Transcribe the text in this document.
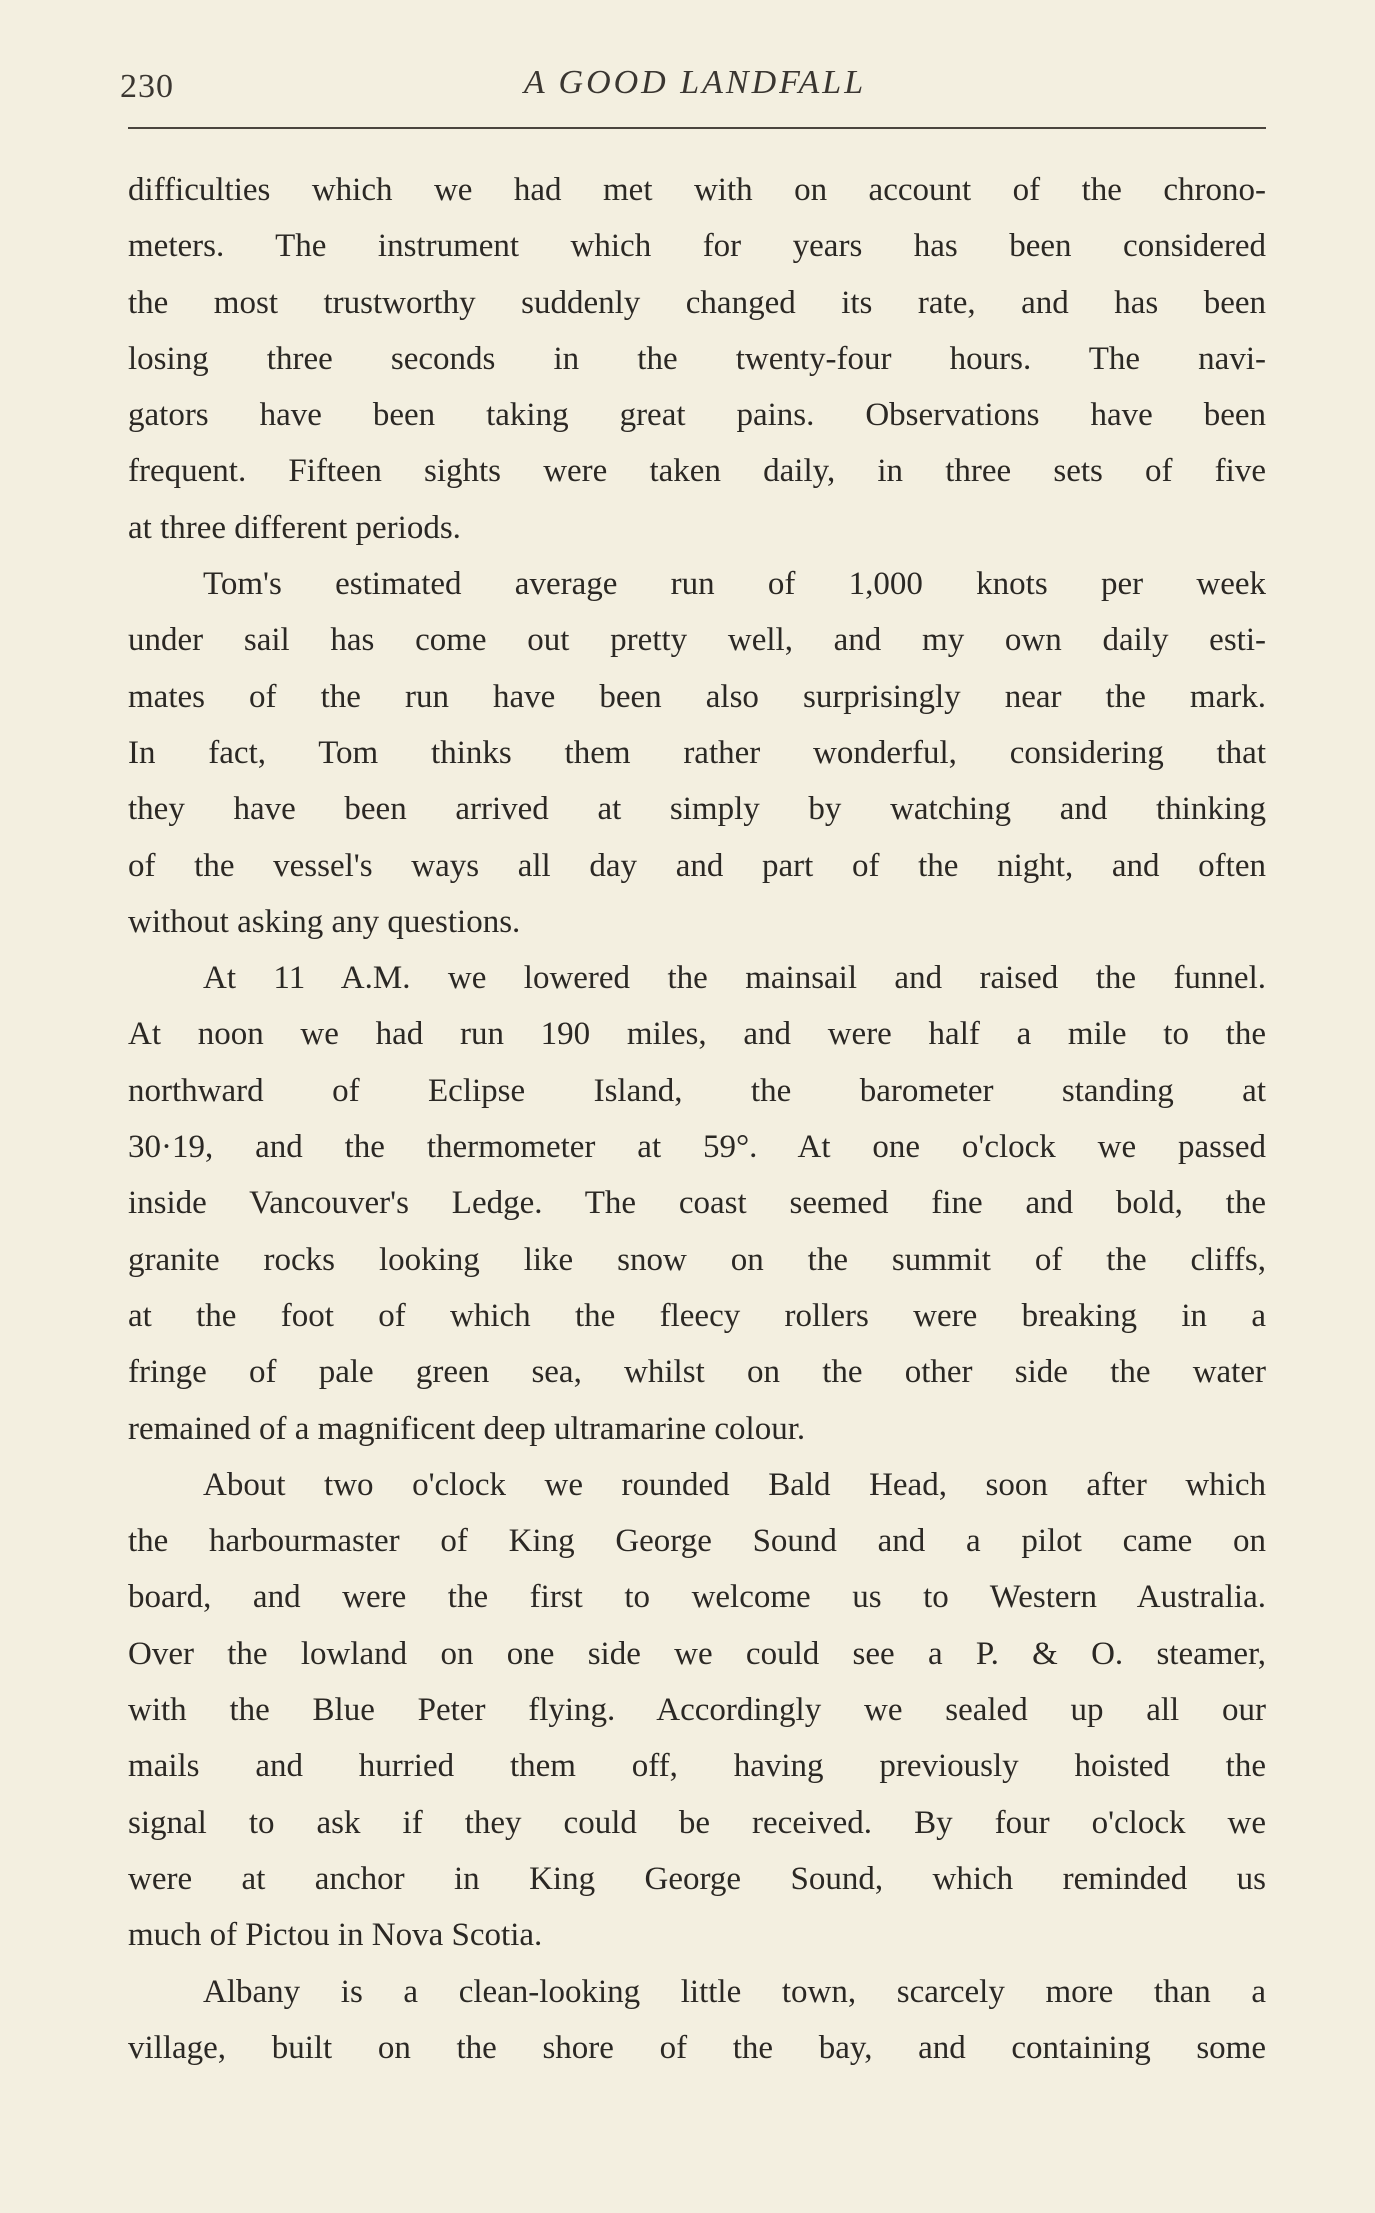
230	A GOOD LANDFALL
difficulties which we had met with on account of the chrono-
meters. The instrument which for years has been considered
the most trustworthy suddenly changed its rate, and has been
losing three seconds in the twenty-four hours. The navi-
gators have been taking great pains. Observations have been
frequent. Fifteen sights were taken daily, in three sets of five
at three different periods.
Tom's estimated average run of 1,000 knots per week
under sail has come out pretty well, and my own daily esti-
mates of the run have been also surprisingly near the mark.
In fact, Tom thinks them rather wonderful, considering that
they have been arrived at simply by watching and thinking
of the vessel's ways all day and part of the night, and often
without asking any questions.
At 11 A.M. we lowered the mainsail and raised the funnel.
At noon we had run 190 miles, and were half a mile to the
northward of Eclipse Island, the barometer standing at
30·19, and the thermometer at 59°. At one o'clock we passed
inside Vancouver's Ledge. The coast seemed fine and bold, the
granite rocks looking like snow on the summit of the cliffs,
at the foot of which the fleecy rollers were breaking in a
fringe of pale green sea, whilst on the other side the water
remained of a magnificent deep ultramarine colour.
About two o'clock we rounded Bald Head, soon after which
the harbourmaster of King George Sound and a pilot came on
board, and were the first to welcome us to Western Australia.
Over the lowland on one side we could see a P. & O. steamer,
with the Blue Peter flying. Accordingly we sealed up all our
mails and hurried them off, having previously hoisted the
signal to ask if they could be received. By four o'clock we
were at anchor in King George Sound, which reminded us
much of Pictou in Nova Scotia.
Albany is a clean-looking little town, scarcely more than a
village, built on the shore of the bay, and containing some
